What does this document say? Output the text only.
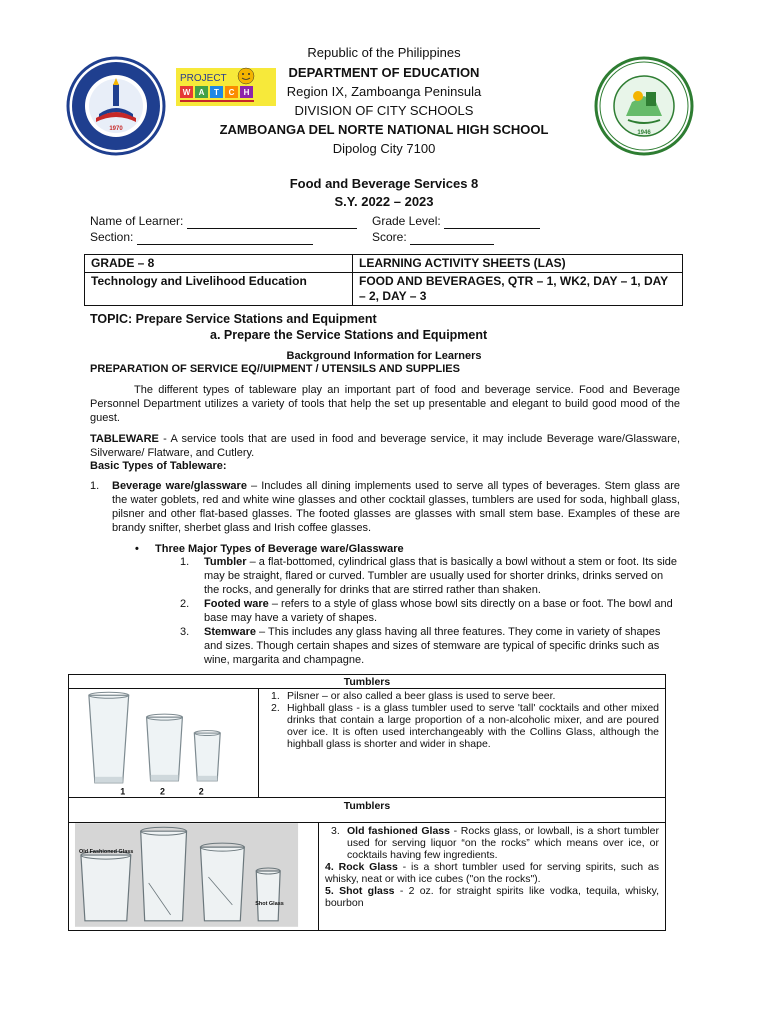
1970
PROJECT
W A T C H
1946
Republic of the Philippines
DEPARTMENT OF EDUCATION
Region IX, Zamboanga Peninsula
DIVISION OF CITY SCHOOLS
ZAMBOANGA DEL NORTE NATIONAL HIGH SCHOOL
Dipolog City 7100
Food and Beverage Services 8
S.Y. 2022 – 2023
Name of Learner:	Grade Level:
Section:	Score:
GRADE – 8	LEARNING ACTIVITY SHEETS (LAS)
Technology and Livelihood Education	FOOD AND BEVERAGES, QTR – 1, WK2, DAY – 1, DAY – 2, DAY – 3
TOPIC: Prepare Service Stations and Equipment
a. Prepare the Service Stations and Equipment
Background Information for Learners
PREPARATION OF SERVICE EQ//UIPMENT / UTENSILS AND SUPPLIES
The different types of tableware play an important part of food and beverage service. Food and Beverage Personnel Department utilizes a variety of tools that help the set up presentable and elegant to build good mood of the guest.
TABLEWARE - A service tools that are used in food and beverage service, it may include Beverage ware/Glassware, Silverware/ Flatware, and Cutlery.
Basic Types of Tableware:
1. Beverage ware/glassware – Includes all dining implements used to serve all types of beverages. Stem glass are the water goblets, red and white wine glasses and other cocktail glasses, tumblers are used for soda, highball glass, pilsner and other flat-based glasses. The footed glasses are glasses with small stem base. Examples of these are brandy snifter, sherbet glass and Irish coffee glasses.
• Three Major Types of Beverage ware/Glassware
1. Tumbler – a flat-bottomed, cylindrical glass that is basically a bowl without a stem or foot. Its side may be straight, flared or curved. Tumbler are usually used for shorter drinks, drinks served on the rocks, and generally for drinks that are stirred rather than shaken.
2. Footed ware – refers to a style of glass whose bowl sits directly on a base or foot. The bowl and base may have a variety of shapes.
3. Stemware – This includes any glass having all three features. They come in variety of shapes and sizes. Though certain shapes and sizes of stemware are typical of specific drinks such as wine, margarita and champagne.
Tumblers
1	2	2
1. Pilsner – or also called a beer glass is used to serve beer.
2. Highball glass - is a glass tumbler used to serve 'tall' cocktails and other mixed drinks that contain a large proportion of a non-alcoholic mixer, and are poured over ice. It is often used interchangeably with the Collins Glass, although the highball glass is shorter and wider in shape.
Tumblers
Old Fashioned Glass
Shot Glass
3. Old fashioned Glass - Rocks glass, or lowball, is a short tumbler used for serving liquor “on the rocks” which means over ice, or cocktails having few ingredients.
4. Rock Glass - is a short tumbler used for serving spirits, such as whisky, neat or with ice cubes ("on the rocks").
5. Shot glass - 2 oz. for straight spirits like vodka, tequila, whisky, bourbon
